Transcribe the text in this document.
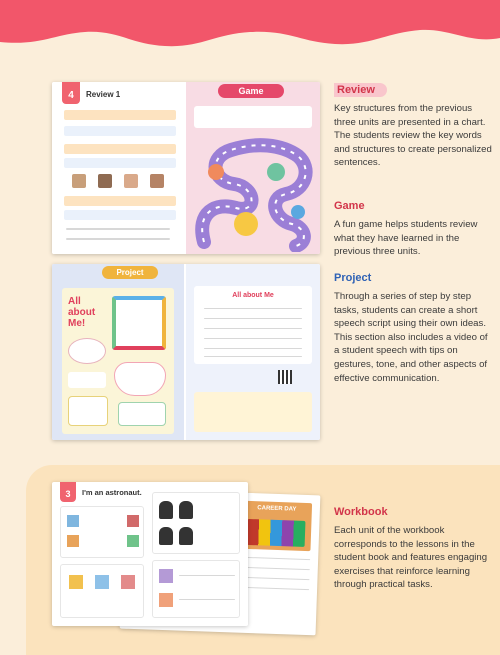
4	Review 1	Game
Project
All about Me!
All about Me
CAREER DAY
3	I'm an astronaut.
Review
Key structures from the previous three units are presented in a chart. The students review the key words and structures to create personalized sentences.
Game
A fun game helps students review what they have learned in the previous three units.
Project
Through a series of step by step tasks, students can create a short speech script using their own ideas. This section also includes a video of a student speech with tips on gestures, tone, and other aspects of effective communication.
Workbook
Each unit of the workbook corresponds to the lessons in the student book and features engaging exercises that reinforce learning through practical tasks.
